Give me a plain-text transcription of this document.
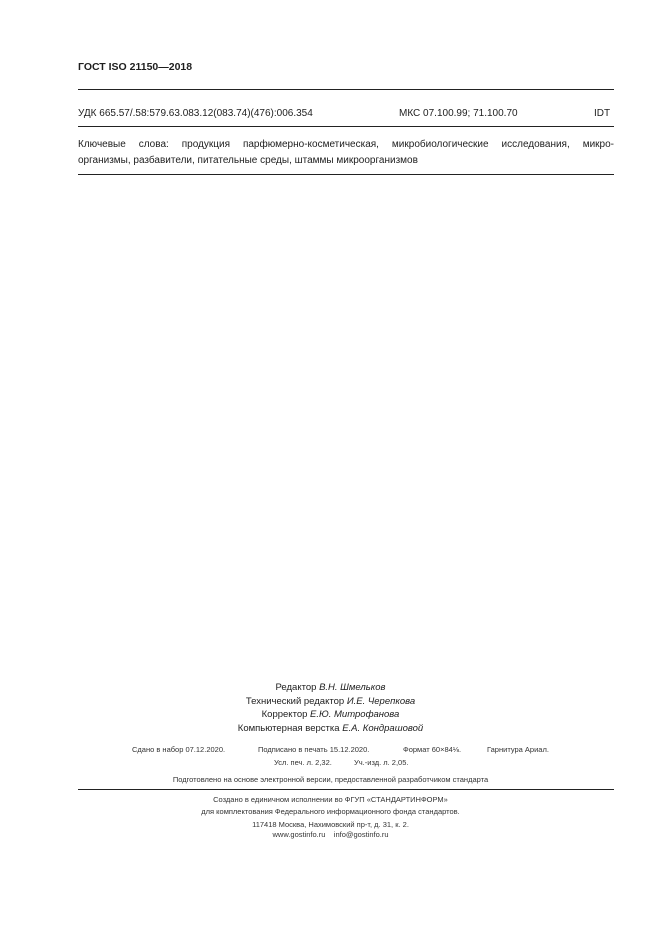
ГОСТ ISO 21150—2018
УДК 665.57/.58:579.63.083.12(083.74)(476):006.354	МКС 07.100.99; 71.100.70	IDT
Ключевые слова: продукция парфюмерно-косметическая, микробиологические исследования, микро-
организмы, разбавители, питательные среды, штаммы микроорганизмов
Редактор В.Н. Шмельков
Технический редактор И.Е. Черепкова
Корректор Е.Ю. Митрофанова
Компьютерная верстка Е.А. Кондрашовой
Сдано в набор 07.12.2020.	Подписано в печать 15.12.2020.	Формат 60×84⅛.	Гарнитура Ариал.
Усл. печ. л. 2,32.	Уч.-изд. л. 2,05.
Подготовлено на основе электронной версии, предоставленной разработчиком стандарта
Создано в единичном исполнении во ФГУП «СТАНДАРТИНФОРМ»
для комплектования Федерального информационного фонда стандартов.
117418 Москва, Нахимовский пр-т, д. 31, к. 2.
www.gostinfo.ru info@gostinfo.ru
